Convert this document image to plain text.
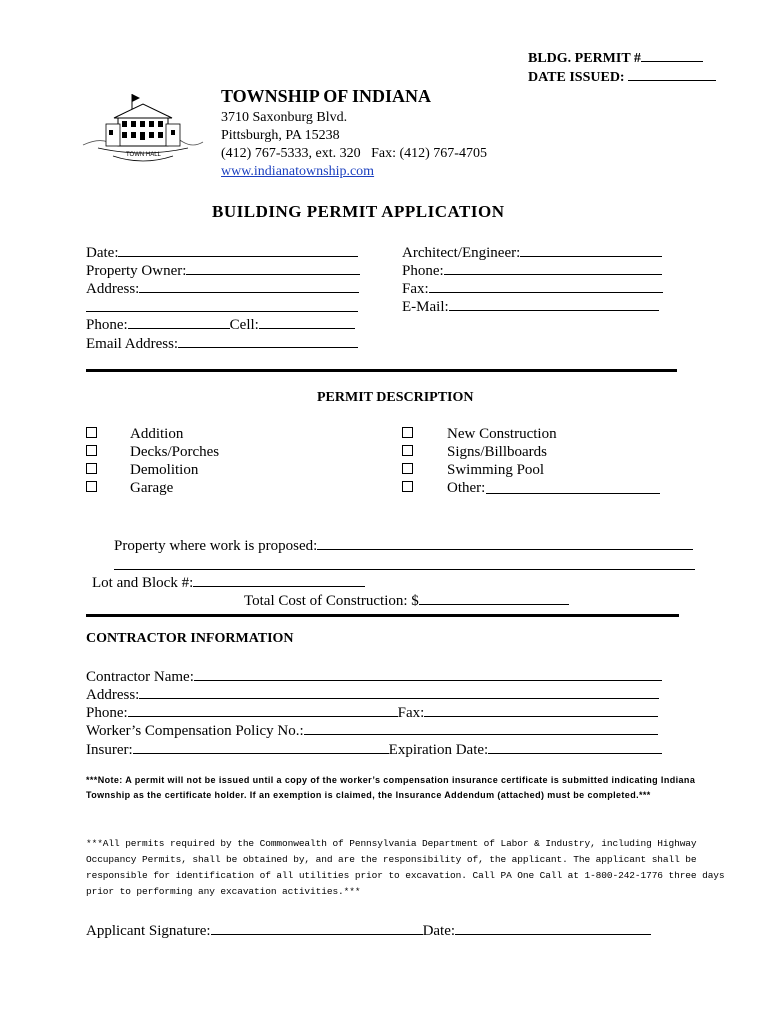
BLDG. PERMIT #
DATE ISSUED:
TOWN HALL
TOWNSHIP OF INDIANA
3710 Saxonburg Blvd.
Pittsburgh, PA 15238
(412) 767-5333, ext. 320 Fax: (412) 767-4705
www.indianatownship.com
BUILDING PERMIT APPLICATION
Date:
Property Owner:
Address:
Phone:	Cell:
Email Address:
Architect/Engineer:
Phone:
Fax:
E-Mail:
PERMIT DESCRIPTION
Addition
Decks/Porches
Demolition
Garage
New Construction
Signs/Billboards
Swimming Pool
Other:
Property where work is proposed:
Lot and Block #:
Total Cost of Construction: $
CONTRACTOR INFORMATION
Contractor Name:
Address:
Phone:	Fax:
Worker’s Compensation Policy No.:
Insurer:	Expiration Date:
***Note: A permit will not be issued until a copy of the worker’s compensation insurance certificate is submitted indicating Indiana Township as the certificate holder. If an exemption is claimed, the Insurance Addendum (attached) must be completed.***
***All permits required by the Commonwealth of Pennsylvania Department of Labor & Industry, including Highway Occupancy Permits, shall be obtained by, and are the responsibility of, the applicant. The applicant shall be responsible for identification of all utilities prior to excavation. Call PA One Call at 1-800-242-1776 three days prior to performing any excavation activities.***
Applicant Signature:	Date:
